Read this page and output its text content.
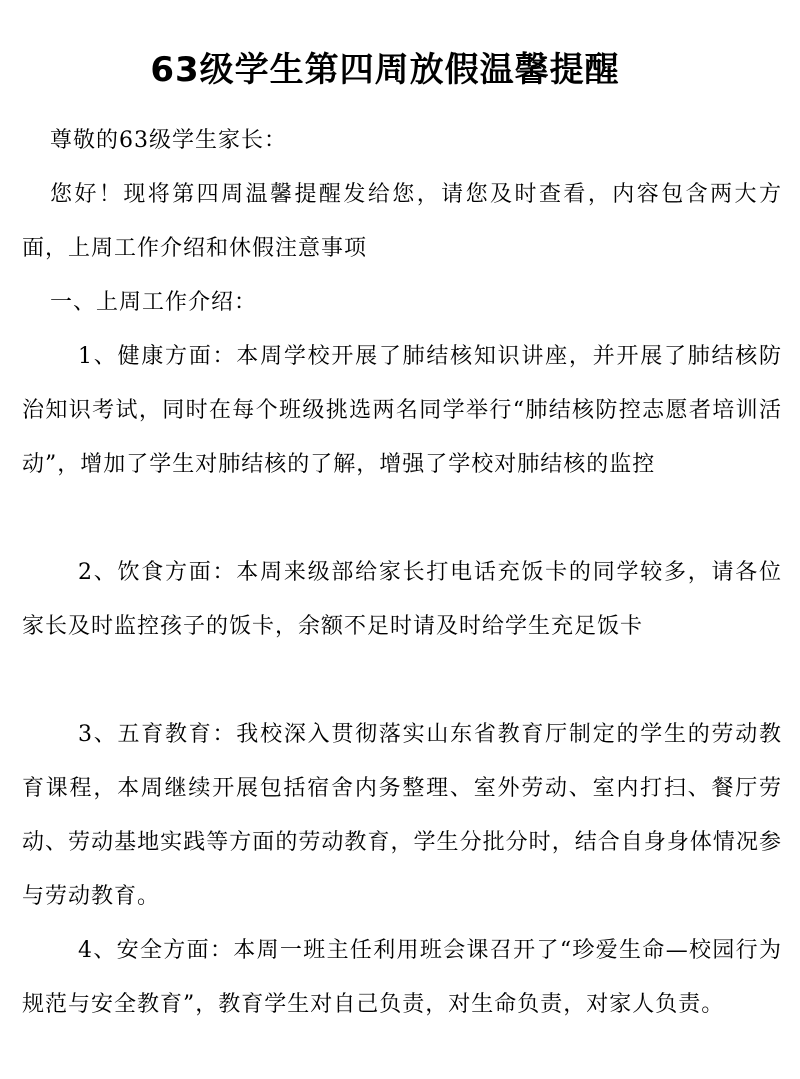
63级学生第四周放假温馨提醒
尊敬的63级学生家长：
您好！现将第四周温馨提醒发给您，请您及时查看，内容包含两大方面，上周工作介绍和休假注意事项
一、上周工作介绍：
1、健康方面：本周学校开展了肺结核知识讲座，并开展了肺结核防治知识考试，同时在每个班级挑选两名同学举行“肺结核防控志愿者培训活动”，增加了学生对肺结核的了解，增强了学校对肺结核的监控
2、饮食方面：本周来级部给家长打电话充饭卡的同学较多，请各位家长及时监控孩子的饭卡，余额不足时请及时给学生充足饭卡
3、五育教育：我校深入贯彻落实山东省教育厅制定的学生的劳动教育课程，本周继续开展包括宿舍内务整理、室外劳动、室内打扫、餐厅劳动、劳动基地实践等方面的劳动教育，学生分批分时，结合自身身体情况参与劳动教育。
4、安全方面：本周一班主任利用班会课召开了“珍爱生命—校园行为规范与安全教育”，教育学生对自己负责，对生命负责，对家人负责。
